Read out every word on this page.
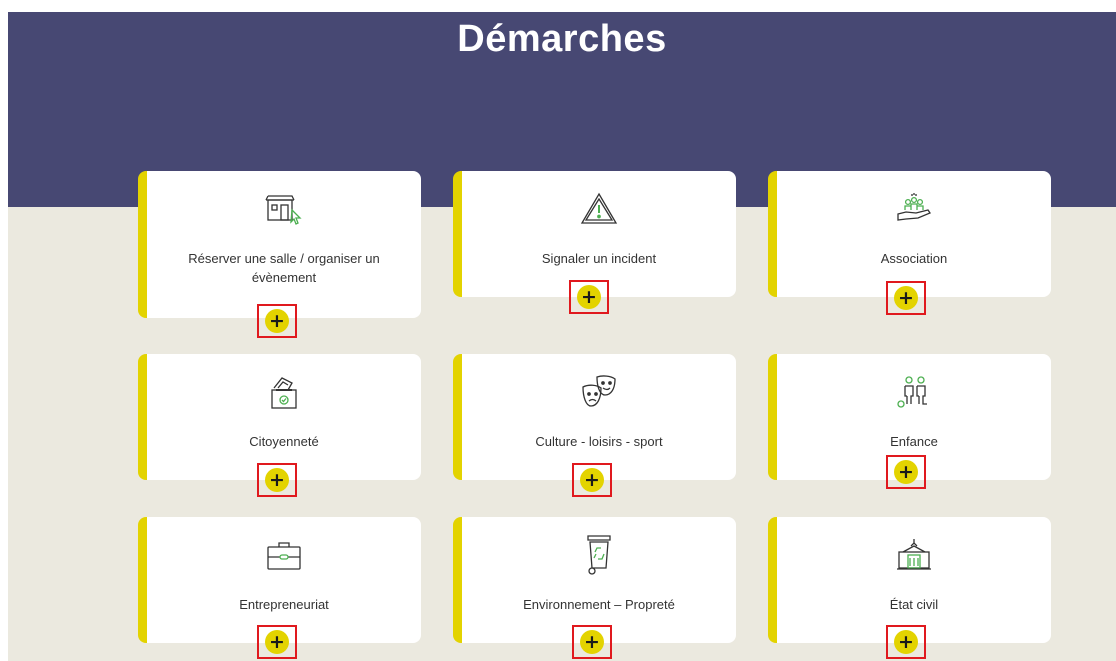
Démarches
Réserver une salle / organiser un évènement
Signaler un incident	Association
Citoyenneté	Culture - loisirs - sport	Enfance
Entrepreneuriat	Environnement – Propreté	État civil
+
+	+
+	+	+
+	+	+
